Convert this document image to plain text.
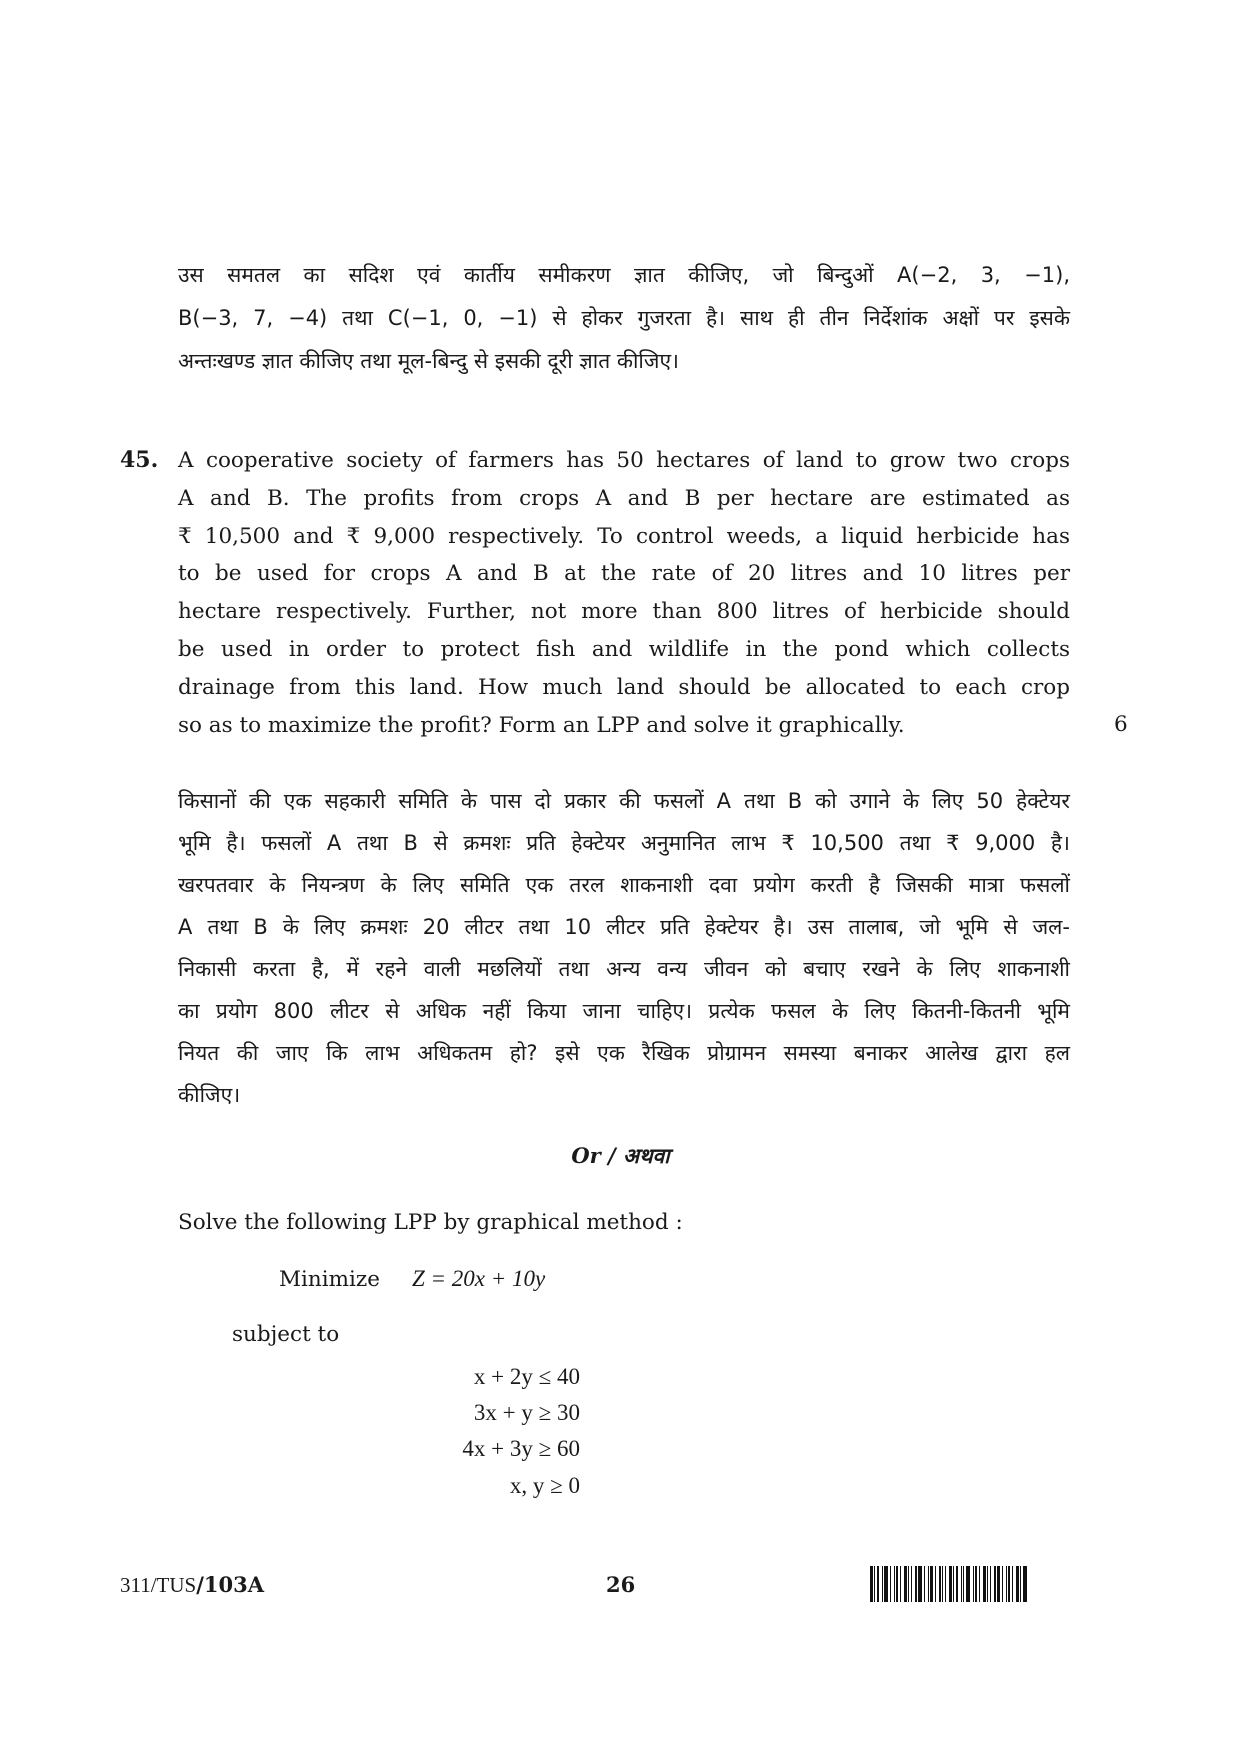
उस समतल का सदिश एवं कार्तीय समीकरण ज्ञात कीजिए, जो बिन्दुओं A(−2, 3, −1),
B(−3, 7, −4) तथा C(−1, 0, −1) से होकर गुजरता है। साथ ही तीन निर्देशांक अक्षों पर इसके
अन्तःखण्ड ज्ञात कीजिए तथा मूल-बिन्दु से इसकी दूरी ज्ञात कीजिए।
45. A cooperative society of farmers has 50 hectares of land to grow two crops
A and B. The profits from crops A and B per hectare are estimated as
₹ 10,500 and ₹ 9,000 respectively. To control weeds, a liquid herbicide has
to be used for crops A and B at the rate of 20 litres and 10 litres per
hectare respectively. Further, not more than 800 litres of herbicide should
be used in order to protect fish and wildlife in the pond which collects
drainage from this land. How much land should be allocated to each crop
so as to maximize the profit? Form an LPP and solve it graphically.	6
किसानों की एक सहकारी समिति के पास दो प्रकार की फसलों A तथा B को उगाने के लिए 50 हेक्टेयर
भूमि है। फसलों A तथा B से क्रमशः प्रति हेक्टेयर अनुमानित लाभ ₹ 10,500 तथा ₹ 9,000 है।
खरपतवार के नियन्त्रण के लिए समिति एक तरल शाकनाशी दवा प्रयोग करती है जिसकी मात्रा फसलों
A तथा B के लिए क्रमशः 20 लीटर तथा 10 लीटर प्रति हेक्टेयर है। उस तालाब, जो भूमि से जल-
निकासी करता है, में रहने वाली मछलियों तथा अन्य वन्य जीवन को बचाए रखने के लिए शाकनाशी
का प्रयोग 800 लीटर से अधिक नहीं किया जाना चाहिए। प्रत्येक फसल के लिए कितनी-कितनी भूमि
नियत की जाए कि लाभ अधिकतम हो? इसे एक रैखिक प्रोग्रामन समस्या बनाकर आलेख द्वारा हल
कीजिए।
Or / अथवा
Solve the following LPP by graphical method :
Minimize Z = 20x + 10y
subject to
x + 2y ≤ 40
3x + y ≥ 30
4x + 3y ≥ 60
x, y ≥ 0
311/TUS/103A	26
